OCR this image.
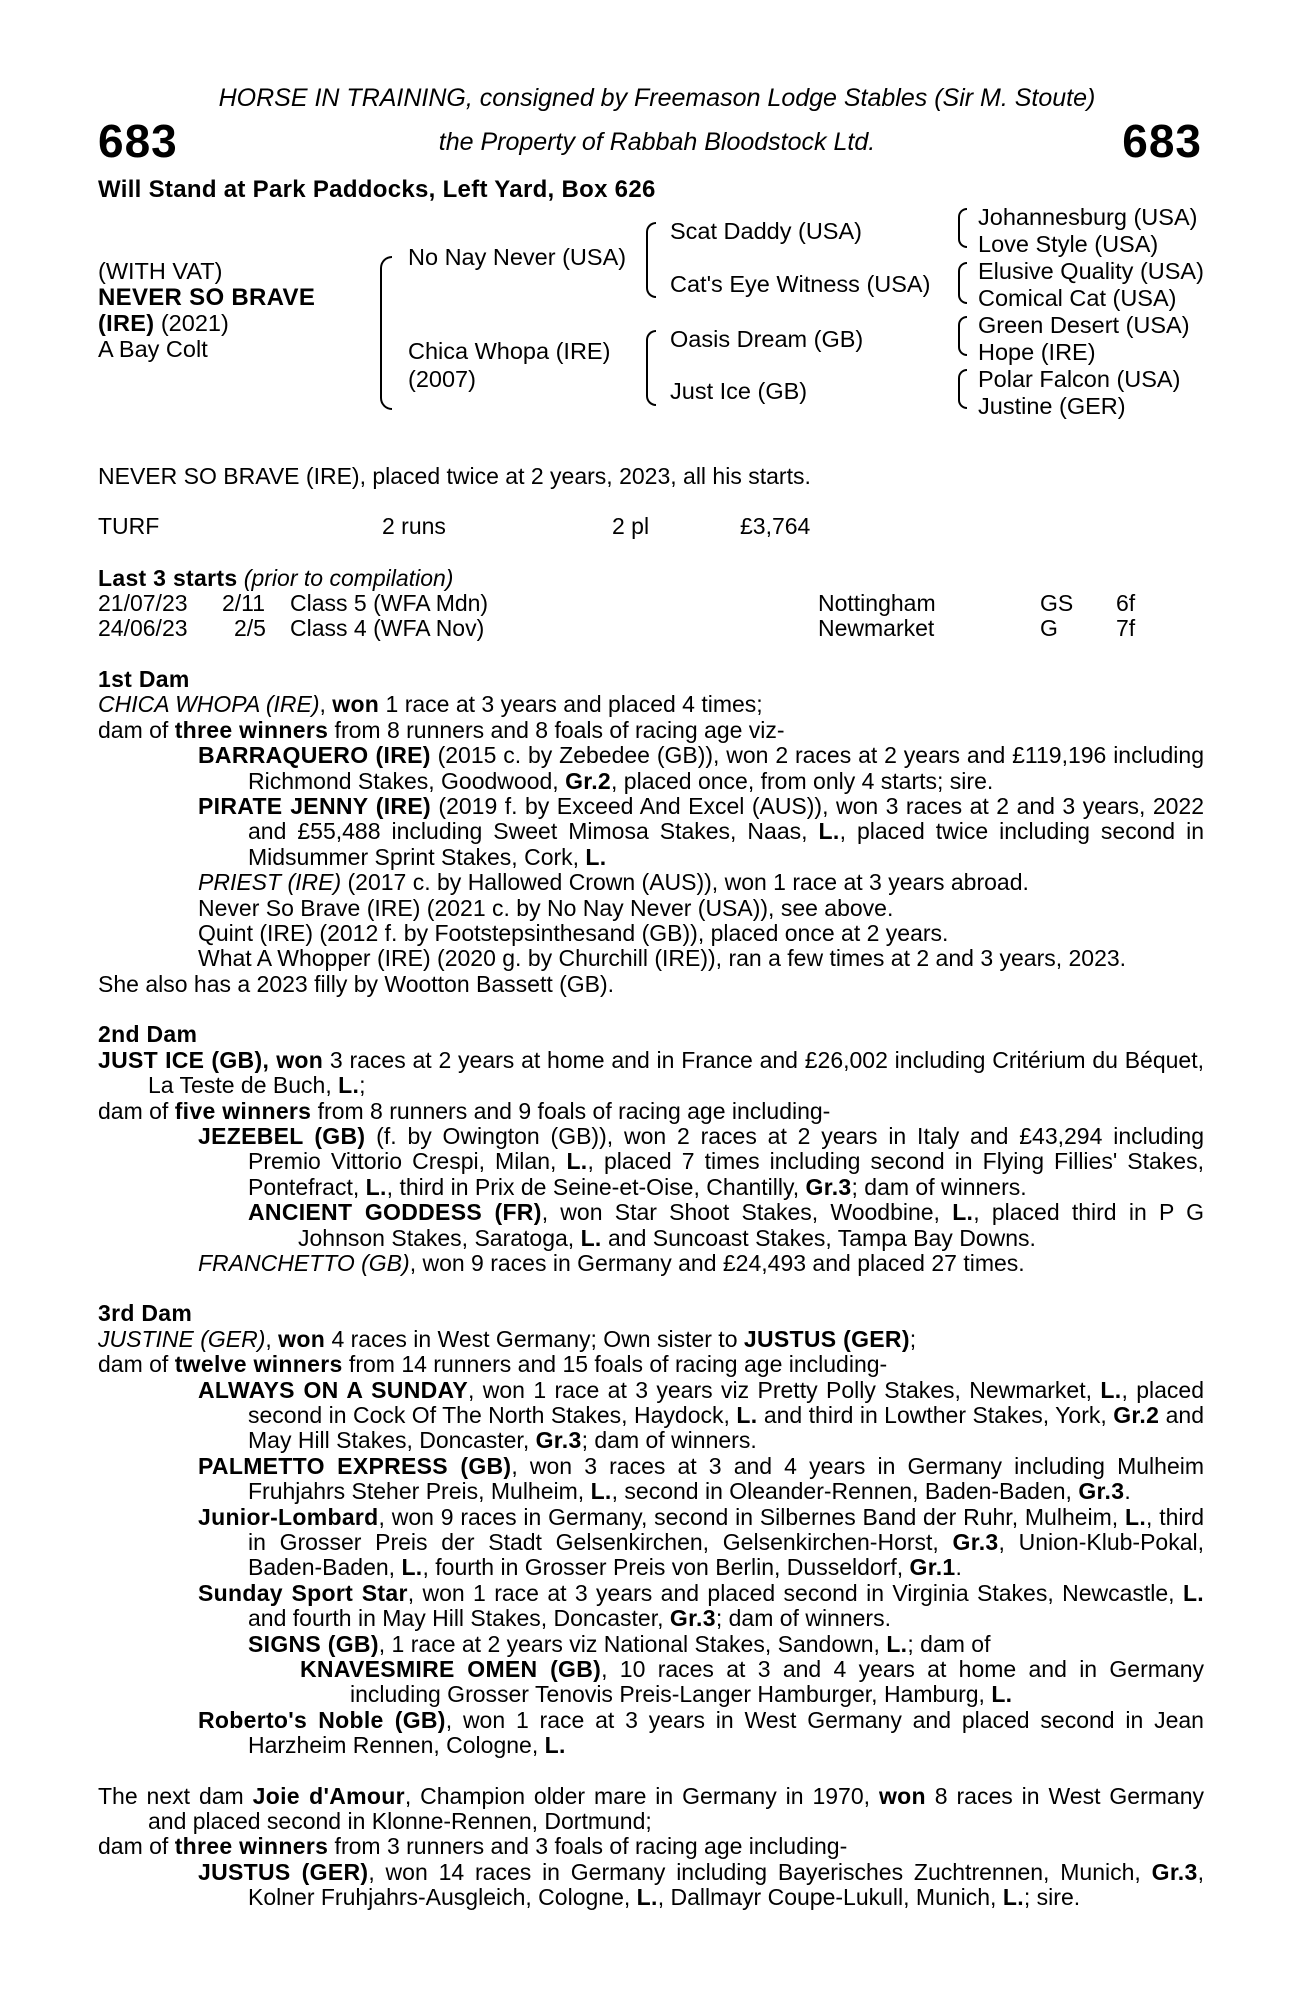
HORSE IN TRAINING, consigned by Freemason Lodge Stables (Sir M. Stoute)
683	the Property of Rabbah Bloodstock Ltd.	683
Will Stand at Park Paddocks, Left Yard, Box 626
(WITH VAT)
NEVER SO BRAVE
(IRE) (2021)
A Bay Colt
No Nay Never (USA)
Chica Whopa (IRE)
(2007)
Scat Daddy (USA)
Cat's Eye Witness (USA)
Oasis Dream (GB)
Just Ice (GB)
Johannesburg (USA)
Love Style (USA)
Elusive Quality (USA)
Comical Cat (USA)
Green Desert (USA)
Hope (IRE)
Polar Falcon (USA)
Justine (GER)
NEVER SO BRAVE (IRE), placed twice at 2 years, 2023, all his starts.
TURF	2 runs	2 pl	£3,764
Last 3 starts (prior to compilation)
21/07/23 2/11 Class 5 (WFA Mdn)	Nottingham	GS 6f
24/06/23 2/5 Class 4 (WFA Nov)	Newmarket	G	7f

1st Dam

CHICA WHOPA (IRE), won 1 race at 3 years and placed 4 times;

dam of three winners from 8 runners and 8 foals of racing age viz-

BARRAQUERO (IRE) (2015 c. by Zebedee (GB)), won 2 races at 2 years and £119,196 including Richmond Stakes, Goodwood, Gr.2, placed once, from only 4 starts; sire.

PIRATE JENNY (IRE) (2019 f. by Exceed And Excel (AUS)), won 3 races at 2 and 3 years, 2022 and £55,488 including Sweet Mimosa Stakes, Naas, L., placed twice including second in Midsummer Sprint Stakes, Cork, L.

PRIEST (IRE) (2017 c. by Hallowed Crown (AUS)), won 1 race at 3 years abroad.

Never So Brave (IRE) (2021 c. by No Nay Never (USA)), see above.

Quint (IRE) (2012 f. by Footstepsinthesand (GB)), placed once at 2 years.

What A Whopper (IRE) (2020 g. by Churchill (IRE)), ran a few times at 2 and 3 years, 2023.

She also has a 2023 filly by Wootton Bassett (GB).

2nd Dam

JUST ICE (GB), won 3 races at 2 years at home and in France and £26,002 including Critérium du Béquet, La Teste de Buch, L.;

dam of five winners from 8 runners and 9 foals of racing age including-

JEZEBEL (GB) (f. by Owington (GB)), won 2 races at 2 years in Italy and £43,294 including Premio Vittorio Crespi, Milan, L., placed 7 times including second in Flying Fillies' Stakes, Pontefract, L., third in Prix de Seine-et-Oise, Chantilly, Gr.3; dam of winners.

ANCIENT GODDESS (FR), won Star Shoot Stakes, Woodbine, L., placed third in P G Johnson Stakes, Saratoga, L. and Suncoast Stakes, Tampa Bay Downs.

FRANCHETTO (GB), won 9 races in Germany and £24,493 and placed 27 times.

3rd Dam

JUSTINE (GER), won 4 races in West Germany; Own sister to JUSTUS (GER);

dam of twelve winners from 14 runners and 15 foals of racing age including-

ALWAYS ON A SUNDAY, won 1 race at 3 years viz Pretty Polly Stakes, Newmarket, L., placed second in Cock Of The North Stakes, Haydock, L. and third in Lowther Stakes, York, Gr.2 and May Hill Stakes, Doncaster, Gr.3; dam of winners.

PALMETTO EXPRESS (GB), won 3 races at 3 and 4 years in Germany including Mulheim Fruhjahrs Steher Preis, Mulheim, L., second in Oleander-Rennen, Baden-Baden, Gr.3.

Junior-Lombard, won 9 races in Germany, second in Silbernes Band der Ruhr, Mulheim, L., third in Grosser Preis der Stadt Gelsenkirchen, Gelsenkirchen-Horst, Gr.3, Union-Klub-Pokal, Baden-Baden, L., fourth in Grosser Preis von Berlin, Dusseldorf, Gr.1.

Sunday Sport Star, won 1 race at 3 years and placed second in Virginia Stakes, Newcastle, L. and fourth in May Hill Stakes, Doncaster, Gr.3; dam of winners.

SIGNS (GB), 1 race at 2 years viz National Stakes, Sandown, L.; dam of

KNAVESMIRE OMEN (GB), 10 races at 3 and 4 years at home and in Germany including Grosser Tenovis Preis-Langer Hamburger, Hamburg, L.

Roberto's Noble (GB), won 1 race at 3 years in West Germany and placed second in Jean Harzheim Rennen, Cologne, L.

The next dam Joie d'Amour, Champion older mare in Germany in 1970, won 8 races in West Germany and placed second in Klonne-Rennen, Dortmund;

dam of three winners from 3 runners and 3 foals of racing age including-

JUSTUS (GER), won 14 races in Germany including Bayerisches Zuchtrennen, Munich, Gr.3, Kolner Fruhjahrs-Ausgleich, Cologne, L., Dallmayr Coupe-Lukull, Munich, L.; sire.
